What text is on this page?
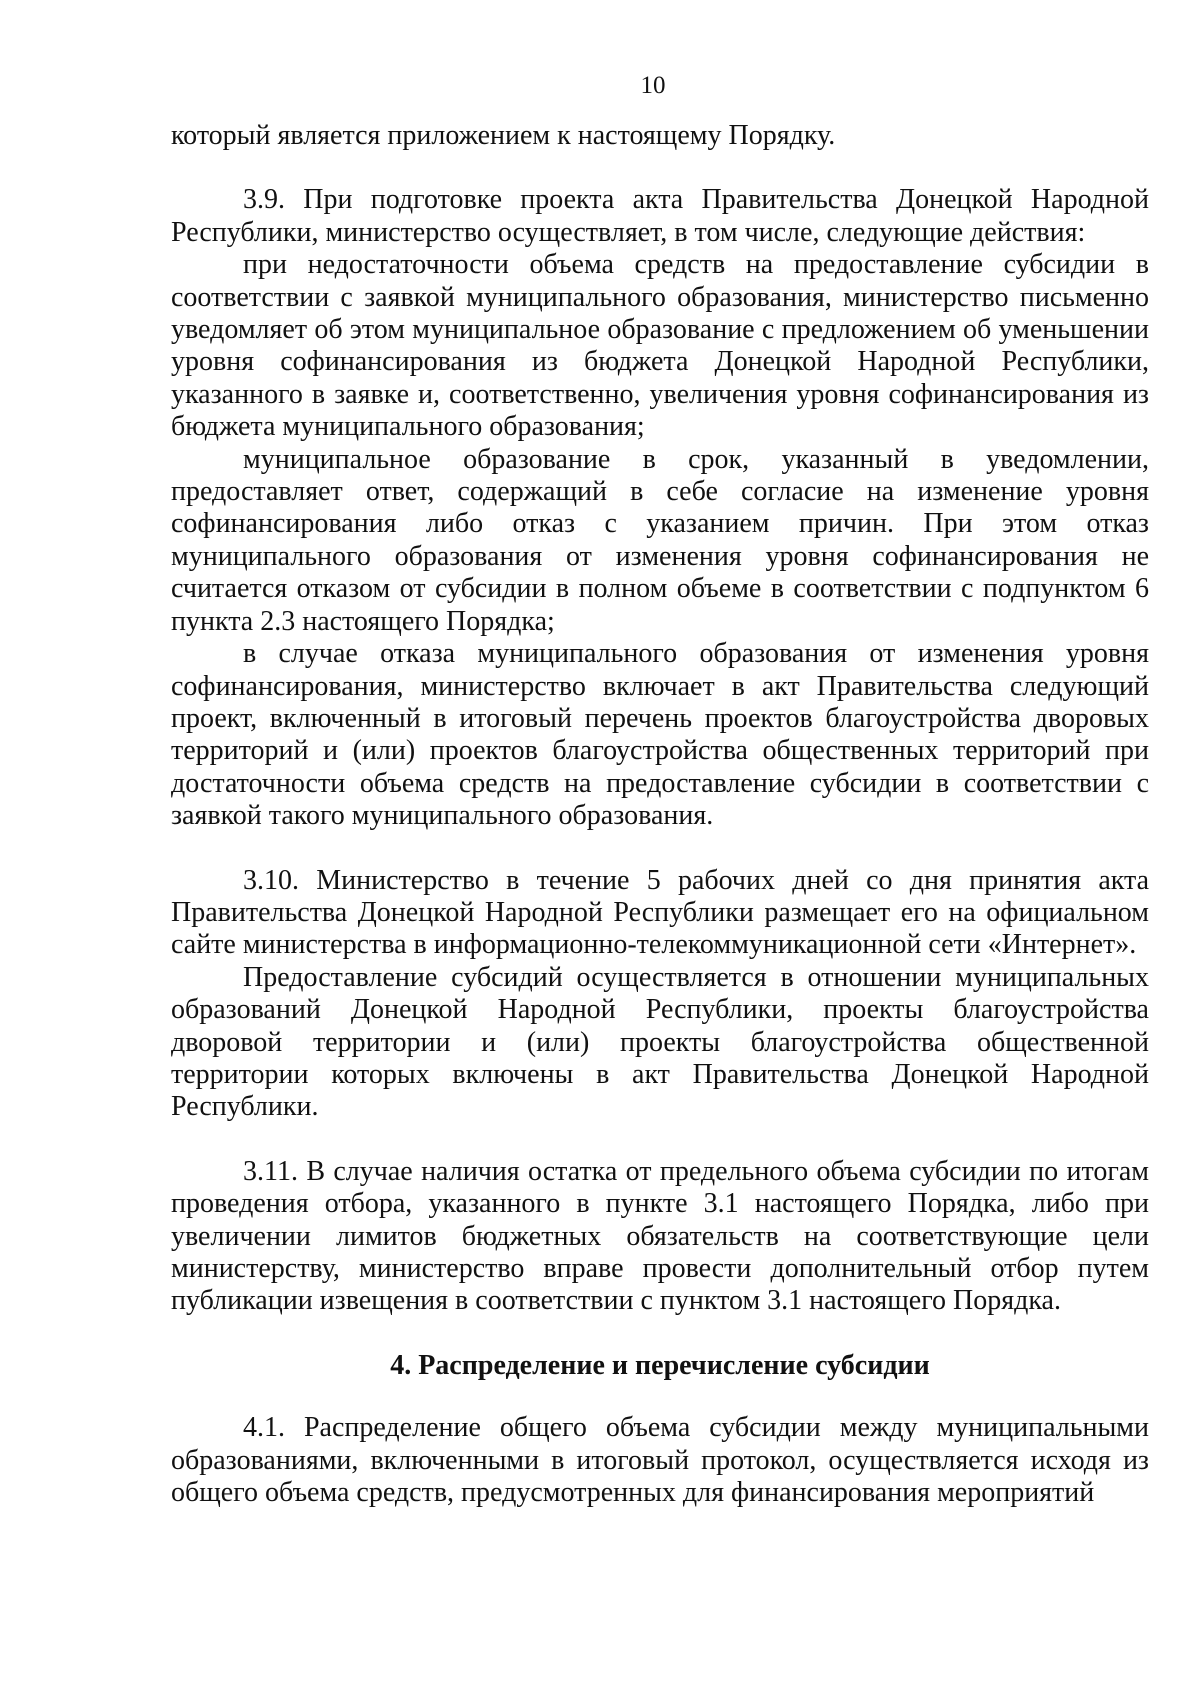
10

который является приложением к настоящему Порядку.

3.9. При подготовке проекта акта Правительства Донецкой Народной Республики, министерство осуществляет, в том числе, следующие действия:

при недостаточности объема средств на предоставление субсидии в соответствии с заявкой муниципального образования, министерство письменно уведомляет об этом муниципальное образование с предложением об уменьшении уровня софинансирования из бюджета Донецкой Народной Республики, указанного в заявке и, соответственно, увеличения уровня софинансирования из бюджета муниципального образования;

муниципальное образование в срок, указанный в уведомлении, предоставляет ответ, содержащий в себе согласие на изменение уровня софинансирования либо отказ с указанием причин. При этом отказ муниципального образования от изменения уровня софинансирования не считается отказом от субсидии в полном объеме в соответствии с подпунктом 6 пункта 2.3 настоящего Порядка;

в случае отказа муниципального образования от изменения уровня софинансирования, министерство включает в акт Правительства следующий проект, включенный в итоговый перечень проектов благоустройства дворовых территорий и (или) проектов благоустройства общественных территорий при достаточности объема средств на предоставление субсидии в соответствии с заявкой такого муниципального образования.

3.10. Министерство в течение 5 рабочих дней со дня принятия акта Правительства Донецкой Народной Республики размещает его на официальном сайте министерства в информационно-телекоммуникационной сети «Интернет».

Предоставление субсидий осуществляется в отношении муниципальных образований Донецкой Народной Республики, проекты благоустройства дворовой территории и (или) проекты благоустройства общественной территории которых включены в акт Правительства Донецкой Народной Республики.

3.11. В случае наличия остатка от предельного объема субсидии по итогам проведения отбора, указанного в пункте 3.1 настоящего Порядка, либо при увеличении лимитов бюджетных обязательств на соответствующие цели министерству, министерство вправе провести дополнительный отбор путем публикации извещения в соответствии с пунктом 3.1 настоящего Порядка.

4. Распределение и перечисление субсидии

4.1. Распределение общего объема субсидии между муниципальными образованиями, включенными в итоговый протокол, осуществляется исходя из общего объема средств, предусмотренных для финансирования мероприятий
